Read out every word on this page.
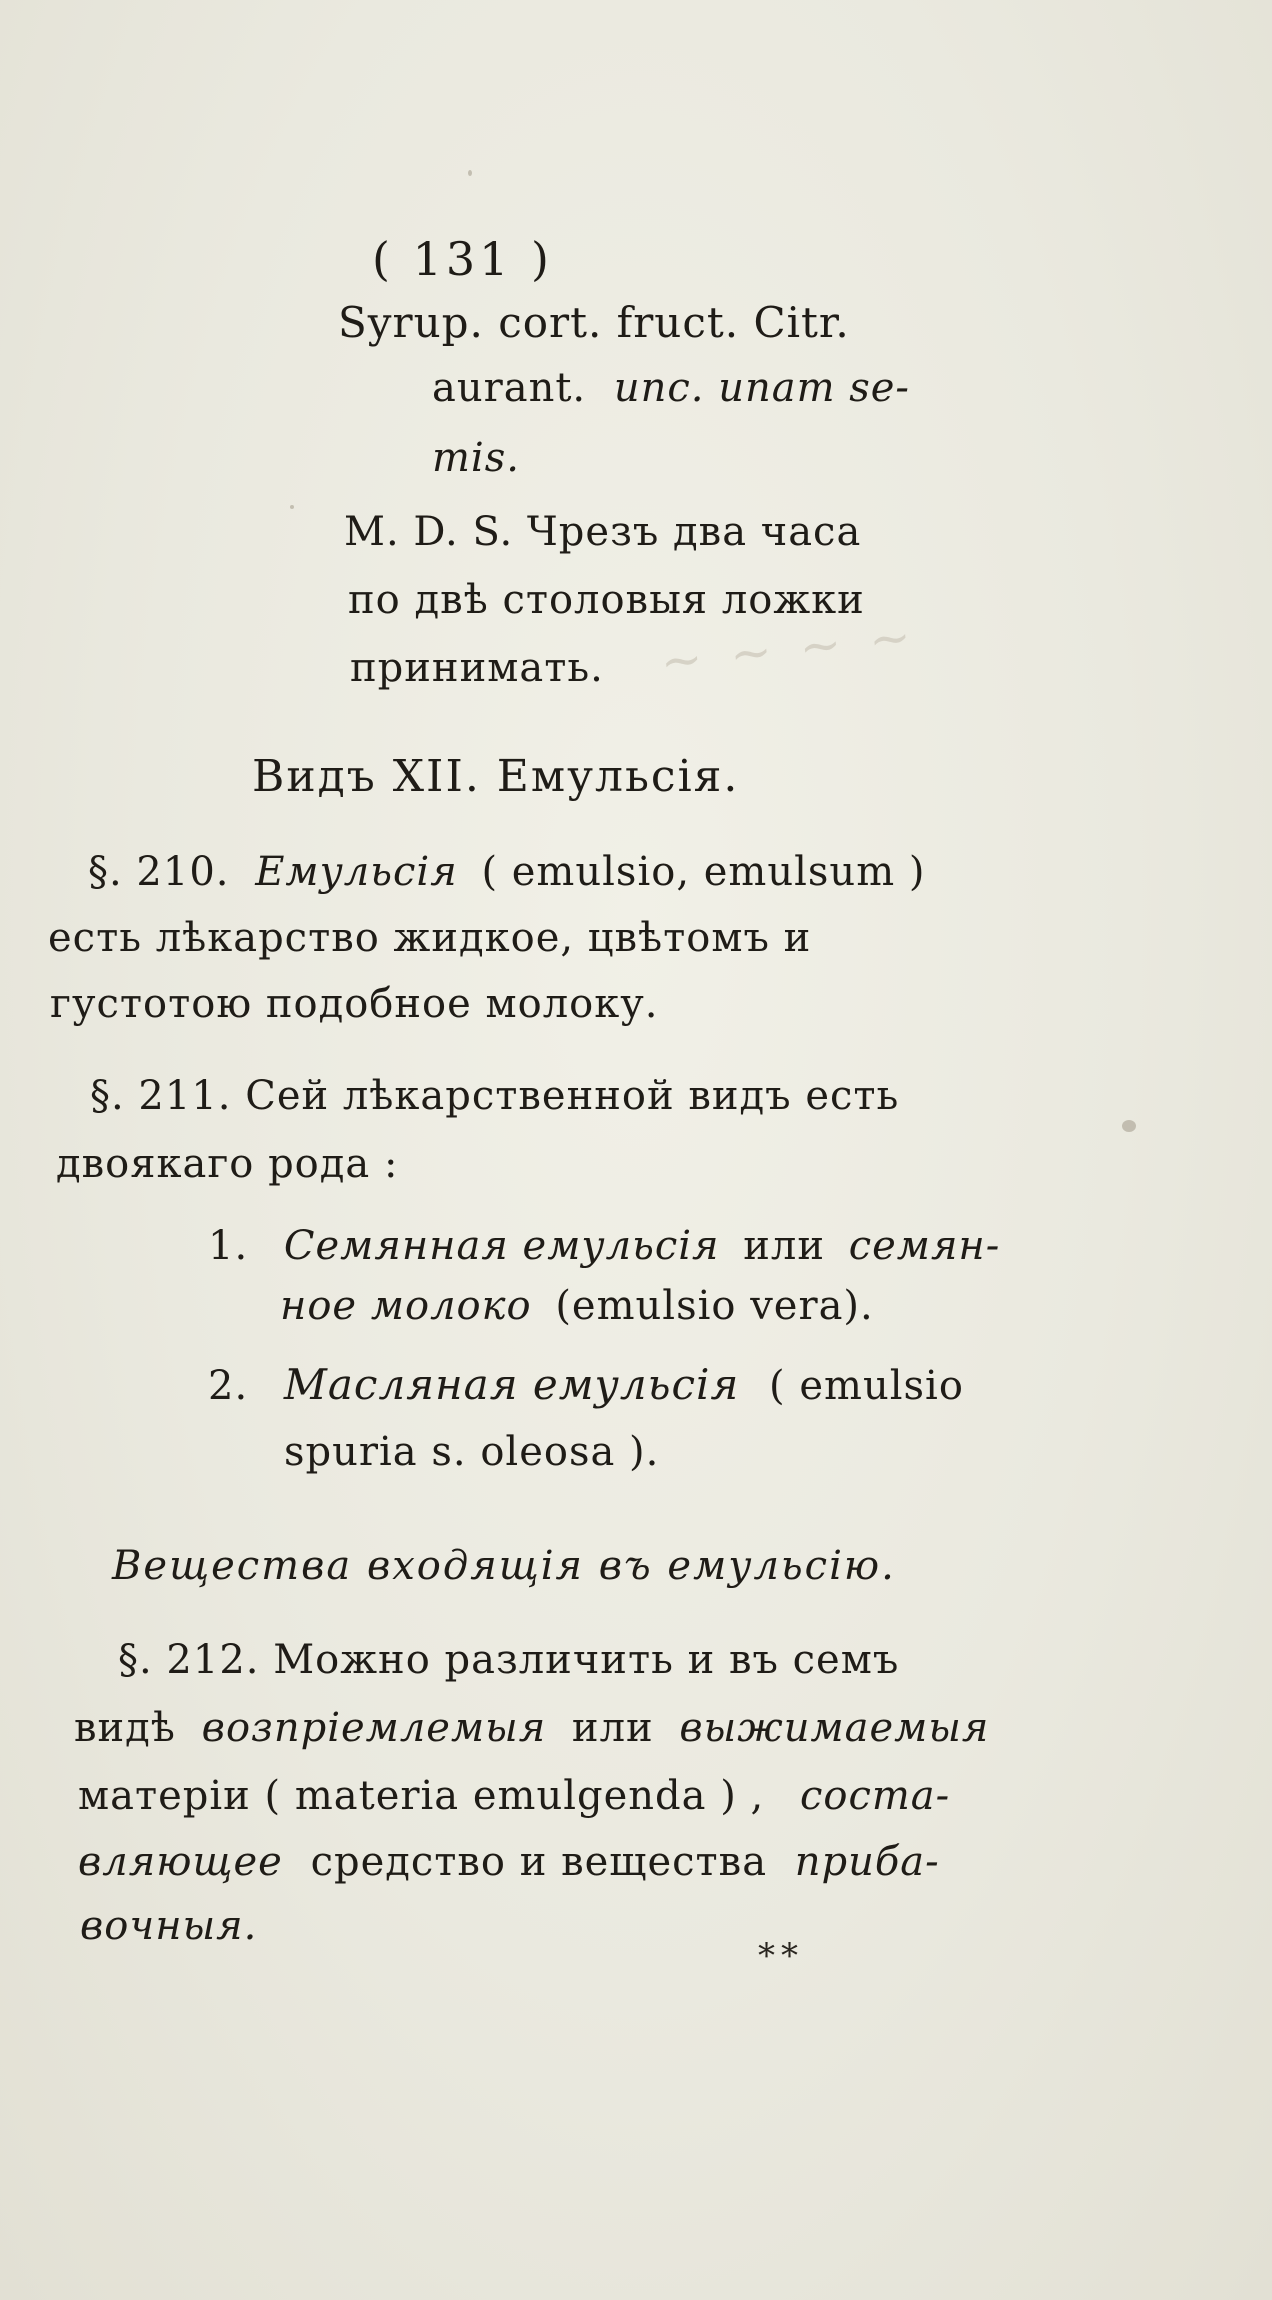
~ ~ ~ ~
( 131 )
Syrup. cort. fruct. Citr.
aurant. unc. unam se-
mis.
M. D. S. Чрезъ два часа
по двѣ столовыя ложки
принимать.
Видъ XII. Емульсія.
§. 210. Емульсія ( emulsio, emulsum )
есть лѣкарство жидкое, цвѣтомъ и
густотою подобное молоку.
§. 211. Сей лѣкарственной видъ есть
двоякаго рода :
1. Семянная емульсія или семян-
ное молоко (emulsio vera).
2. Масляная емульсія ( emulsio
spuria s. oleosa ).
Вещества входящія въ емульсію.
§. 212. Можно различить и въ семъ
видѣ возпріемлемыя или выжимаемыя
матеріи ( materia emulgenda ) , соста-
вляющее средство и вещества приба-
вочныя.
**
